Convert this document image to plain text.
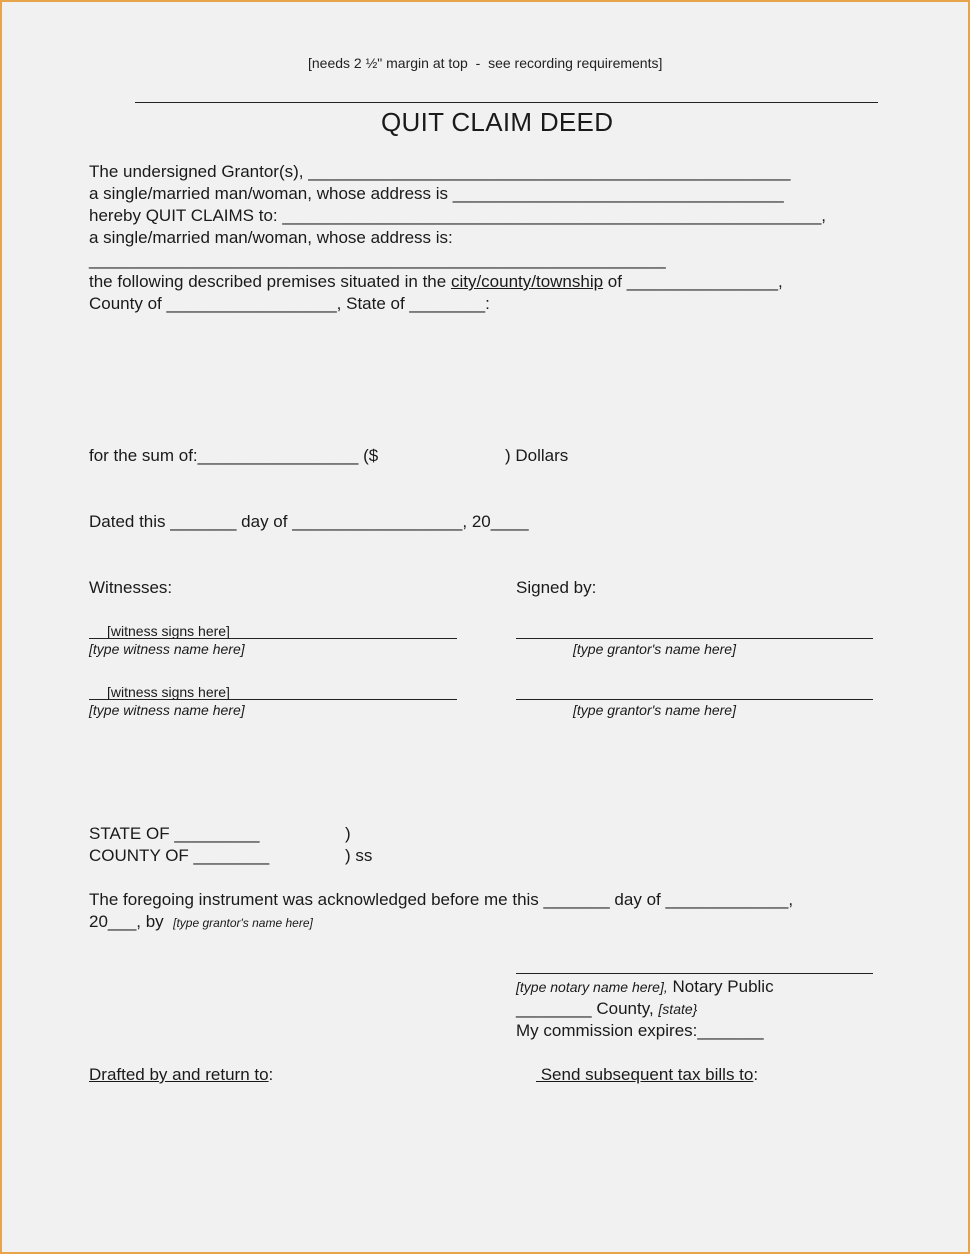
[needs 2 ½" margin at top  -  see recording requirements]
QUIT CLAIM DEED
The undersigned Grantor(s), ___________________________________________________
a single/married man/woman, whose address is ___________________________________
hereby QUIT CLAIMS to: _________________________________________________________,
a single/married man/woman, whose address is:
_____________________________________________________________
the following described premises situated in the city/county/township of ________________,
County of __________________, State of ________:
for the sum of:_________________ ($	) Dollars
Dated this _______ day of __________________, 20____
Witnesses:	Signed by:
[witness signs here]
[type witness name here]	[type grantor's name here]
[witness signs here]
[type witness name here]	[type grantor's name here]
STATE OF _________	)
COUNTY OF ________	) ss
The foregoing instrument was acknowledged before me this _______ day of _____________,
20___, by  [type grantor's name here]
[type notary name here], Notary Public
________ County, [state}
My commission expires:_______
Drafted by and return to:	Send subsequent tax bills to:
